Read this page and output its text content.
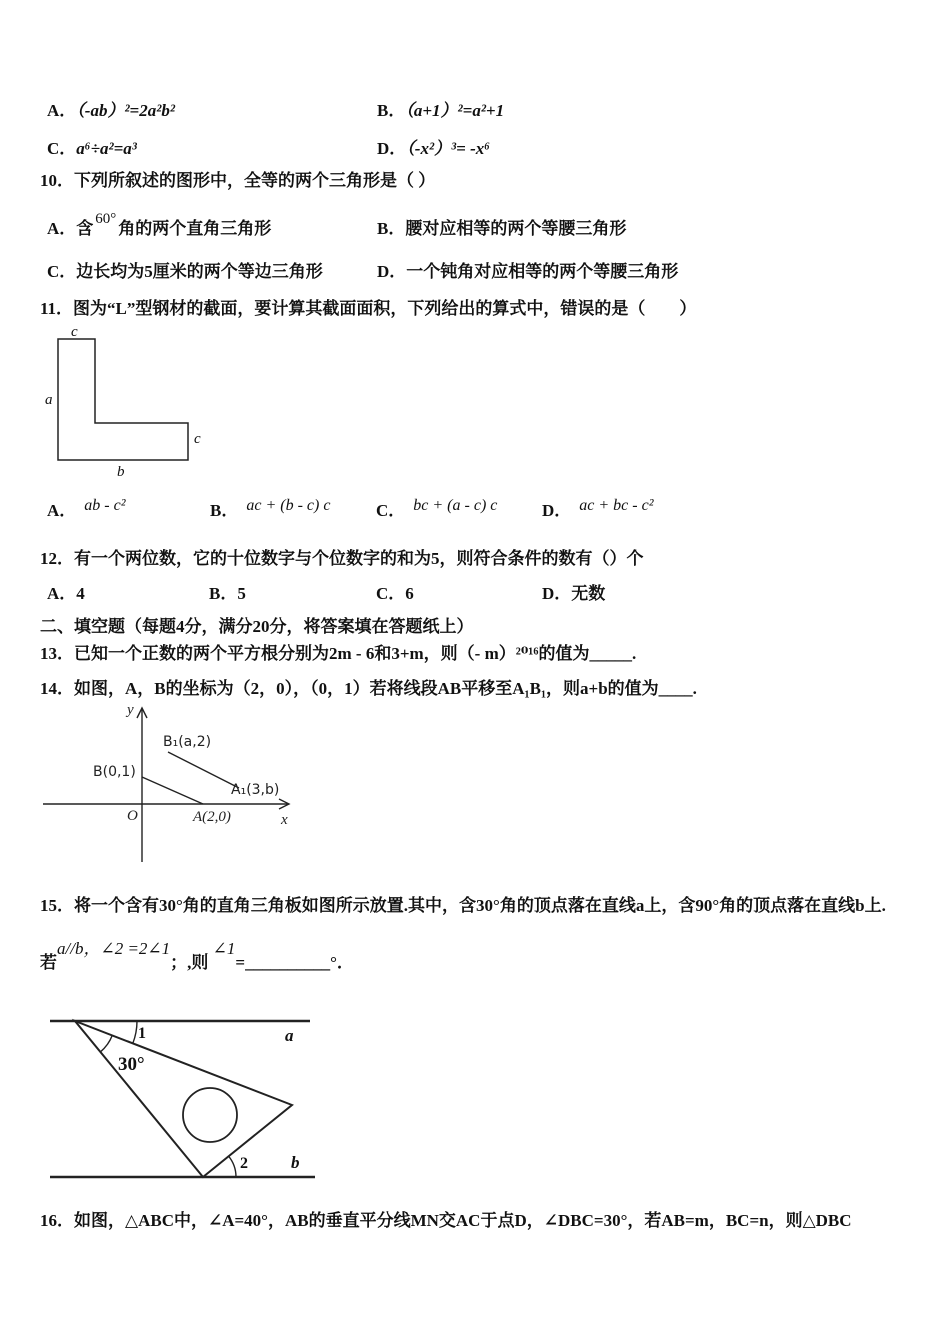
A．（-ab）²=2a²b²	B．（a+1）²=a²+1
C．a⁶÷a²=a³	D．（-x²）³= -x⁶
10．下列所叙述的图形中，全等的两个三角形是（ ）
A．含 60° 角的两个直角三角形	B．腰对应相等的两个等腰三角形
C．边长均为5厘米的两个等边三角形	D．一个钝角对应相等的两个等腰三角形
11．图为“L”型钢材的截面，要计算其截面面积，下列给出的算式中，错误的是（　　）
c
a
c
b
A． ab - c²	B． ac + (b - c) c	C． bc + (a - c) c	D． ac + bc - c²
12．有一个两位数，它的十位数字与个位数字的和为5，则符合条件的数有（）个
A．4	B．5	C．6	D．无数
二、填空题（每题4分，满分20分，将答案填在答题纸上）
13．已知一个正数的两个平方根分别为2m - 6和3+m，则（- m）²⁰¹⁶的值为_____.
14．如图，A，B的坐标为（2，0），（0，1）若将线段AB平移至A₁B₁，则a+b的值为____.
y
x
O
B(0,1)
B₁(a,2)
A₁(3,b)
A(2,0)
15．将一个含有30°角的直角三角板如图所示放置.其中，含30°角的顶点落在直线a上，含90°角的顶点落在直线b上.
若a//b，∠2 =2∠1；,则 ∠1=__________°．
a
b
30°
1
2
16．如图，△ABC中，∠A=40°，AB的垂直平分线MN交AC于点D，∠DBC=30°，若AB=m，BC=n，则△DBC
